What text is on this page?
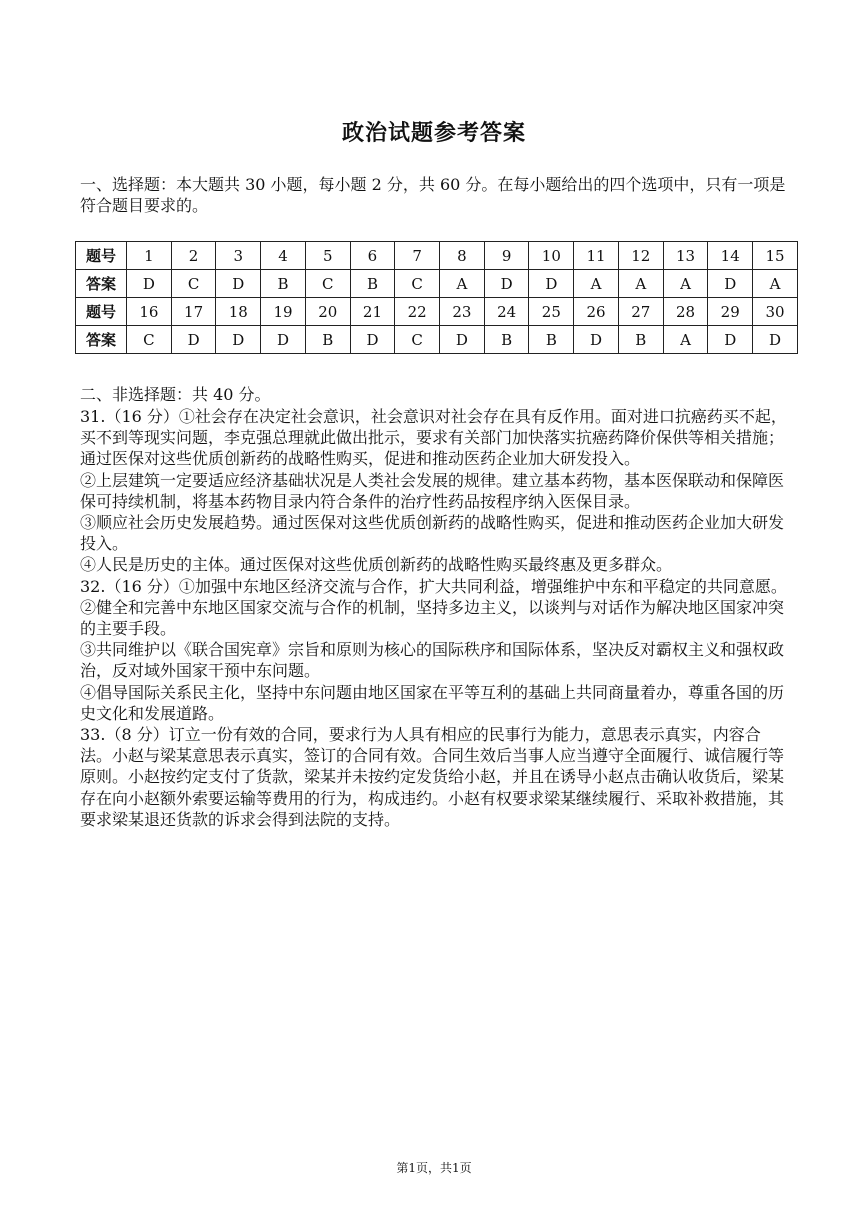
政治试题参考答案
一、选择题：本大题共 30 小题，每小题 2 分，共 60 分。在每小题给出的四个选项中，只有一项是符合题目要求的。
题号	1	2	3	4	5	6	7	8	9	10	11	12	13	14	15
答案	D	C	D	B	C	B	C	A	D	D	A	A	A	D	A
题号	16	17	18	19	20	21	22	23	24	25	26	27	28	29	30
答案	C	D	D	D	B	D	C	D	B	B	D	B	A	D	D
二、非选择题：共 40 分。

31.（16 分）①社会存在决定社会意识，社会意识对社会存在具有反作用。面对进口抗癌药买不起，买不到等现实问题，李克强总理就此做出批示，要求有关部门加快落实抗癌药降价保供等相关措施；通过医保对这些优质创新药的战略性购买，促进和推动医药企业加大研发投入。

②上层建筑一定要适应经济基础状况是人类社会发展的规律。建立基本药物，基本医保联动和保障医保可持续机制，将基本药物目录内符合条件的治疗性药品按程序纳入医保目录。

③顺应社会历史发展趋势。通过医保对这些优质创新药的战略性购买，促进和推动医药企业加大研发投入。

④人民是历史的主体。通过医保对这些优质创新药的战略性购买最终惠及更多群众。

32.（16 分）①加强中东地区经济交流与合作，扩大共同利益，增强维护中东和平稳定的共同意愿。②健全和完善中东地区国家交流与合作的机制，坚持多边主义，以谈判与对话作为解决地区国家冲突的主要手段。

③共同维护以《联合国宪章》宗旨和原则为核心的国际秩序和国际体系，坚决反对霸权主义和强权政治，反对域外国家干预中东问题。

④倡导国际关系民主化，坚持中东问题由地区国家在平等互利的基础上共同商量着办，尊重各国的历史文化和发展道路。

33.（8 分）订立一份有效的合同，要求行为人具有相应的民事行为能力，意思表示真实，内容合法。小赵与梁某意思表示真实，签订的合同有效。合同生效后当事人应当遵守全面履行、诚信履行等原则。小赵按约定支付了货款，梁某并未按约定发货给小赵，并且在诱导小赵点击确认收货后，梁某存在向小赵额外索要运输等费用的行为，构成违约。小赵有权要求梁某继续履行、采取补救措施，其要求梁某退还货款的诉求会得到法院的支持。

第1页，共1页
